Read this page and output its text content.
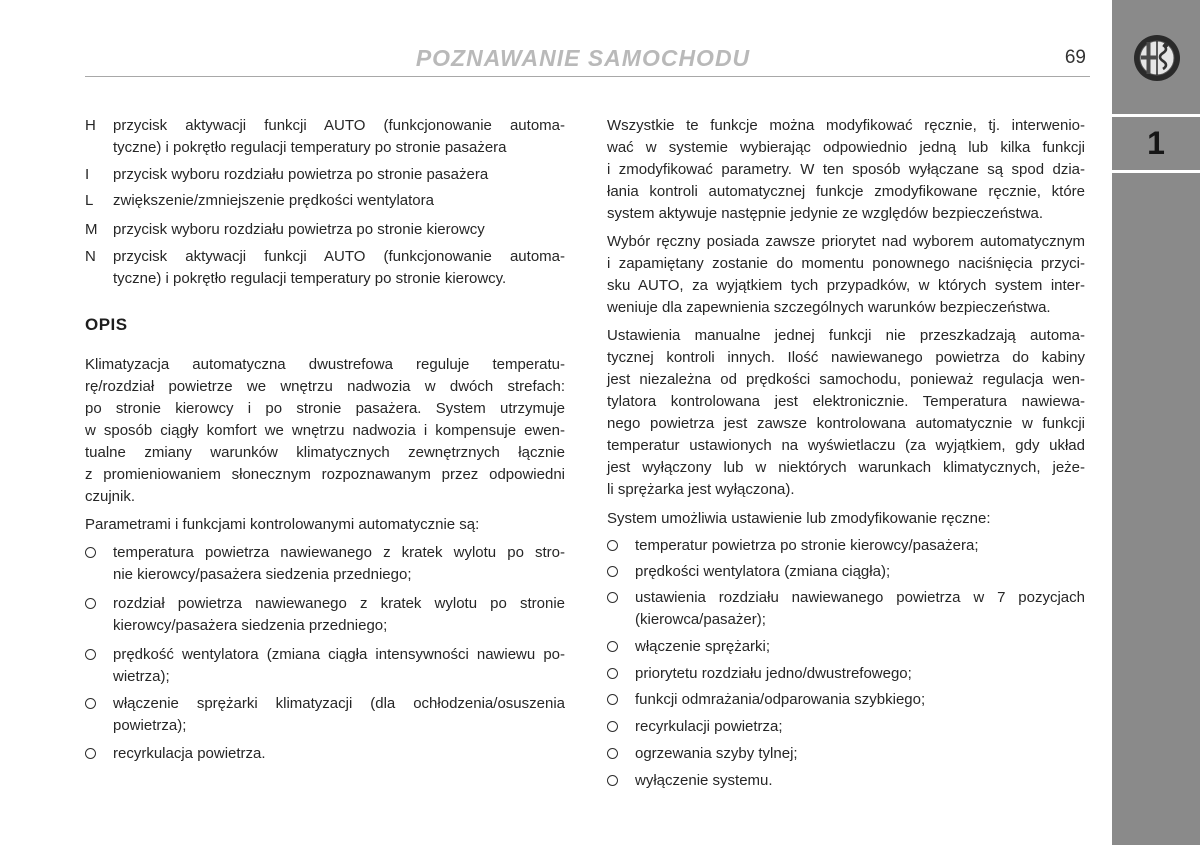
1
POZNAWANIE SAMOCHODU	69
H	przycisk aktywacji funkcji AUTO (funkcjonowanie automa-
tyczne) i pokrętło regulacji temperatury po stronie pasażera
I	przycisk wyboru rozdziału powietrza po stronie pasażera
L	zwiększenie/zmniejszenie prędkości wentylatora
M	przycisk wyboru rozdziału powietrza po stronie kierowcy
N	przycisk aktywacji funkcji AUTO (funkcjonowanie automa-
tyczne) i pokrętło regulacji temperatury po stronie kierowcy.
OPIS
Klimatyzacja automatyczna dwustrefowa reguluje temperatu-
rę/rozdział powietrze we wnętrzu nadwozia w dwóch strefach:
po stronie kierowcy i po stronie pasażera. System utrzymuje
w sposób ciągły komfort we wnętrzu nadwozia i kompensuje ewen-
tualne zmiany warunków klimatycznych zewnętrznych łącznie
z promieniowaniem słonecznym rozpoznawanym przez odpowiedni
czujnik.
Parametrami i funkcjami kontrolowanymi automatycznie są:
temperatura powietrza nawiewanego z kratek wylotu po stro-
nie kierowcy/pasażera siedzenia przedniego;
rozdział powietrza nawiewanego z kratek wylotu po stronie
kierowcy/pasażera siedzenia przedniego;
prędkość wentylatora (zmiana ciągła intensywności nawiewu po-
wietrza);
włączenie sprężarki klimatyzacji (dla ochłodzenia/osuszenia
powietrza);
recyrkulacja powietrza.
Wszystkie te funkcje można modyfikować ręcznie, tj. interwenio-
wać w systemie wybierając odpowiednio jedną lub kilka funkcji
i zmodyfikować parametry. W ten sposób wyłączane są spod dzia-
łania kontroli automatycznej funkcje zmodyfikowane ręcznie, które
system aktywuje następnie jedynie ze względów bezpieczeństwa.
Wybór ręczny posiada zawsze priorytet nad wyborem automatycznym
i zapamiętany zostanie do momentu ponownego naciśnięcia przyci-
sku AUTO, za wyjątkiem tych przypadków, w których system inter-
weniuje dla zapewnienia szczególnych warunków bezpieczeństwa.
Ustawienia manualne jednej funkcji nie przeszkadzają automa-
tycznej kontroli innych. Ilość nawiewanego powietrza do kabiny
jest niezależna od prędkości samochodu, ponieważ regulacja wen-
tylatora kontrolowana jest elektronicznie. Temperatura nawiewa-
nego powietrza jest zawsze kontrolowana automatycznie w funkcji
temperatur ustawionych na wyświetlaczu (za wyjątkiem, gdy układ
jest wyłączony lub w niektórych warunkach klimatycznych, jeże-
li sprężarka jest wyłączona).
System umożliwia ustawienie lub zmodyfikowanie ręczne:
temperatur powietrza po stronie kierowcy/pasażera;
prędkości wentylatora (zmiana ciągła);
ustawienia rozdziału nawiewanego powietrza w 7 pozycjach
(kierowca/pasażer);
włączenie sprężarki;
priorytetu rozdziału jedno/dwustrefowego;
funkcji odmrażania/odparowania szybkiego;
recyrkulacji powietrza;
ogrzewania szyby tylnej;
wyłączenie systemu.
